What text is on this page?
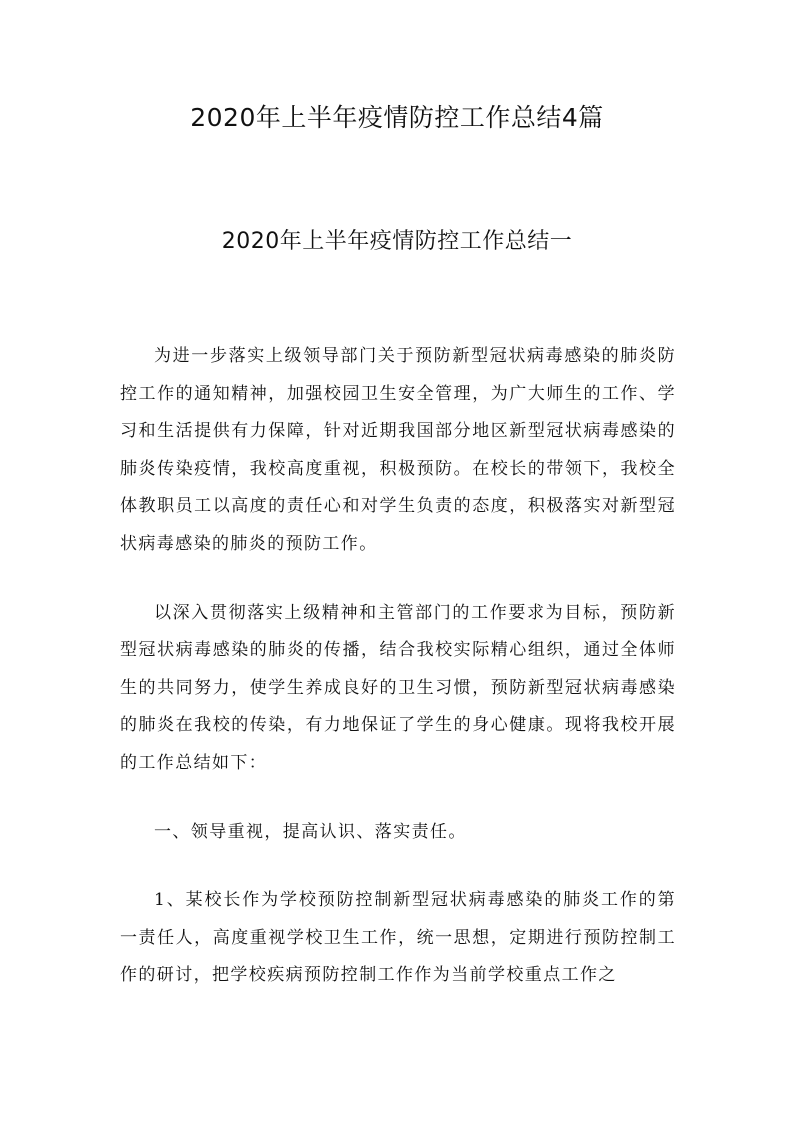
2020年上半年疫情防控工作总结4篇
2020年上半年疫情防控工作总结一

为进一步落实上级领导部门关于预防新型冠状病毒感染的肺炎防控工作的通知精神，加强校园卫生安全管理，为广大师生的工作、学习和生活提供有力保障，针对近期我国部分地区新型冠状病毒感染的肺炎传染疫情，我校高度重视，积极预防。在校长的带领下，我校全体教职员工以高度的责任心和对学生负责的态度，积极落实对新型冠状病毒感染的肺炎的预防工作。

以深入贯彻落实上级精神和主管部门的工作要求为目标，预防新型冠状病毒感染的肺炎的传播，结合我校实际精心组织，通过全体师生的共同努力，使学生养成良好的卫生习惯，预防新型冠状病毒感染的肺炎在我校的传染，有力地保证了学生的身心健康。现将我校开展的工作总结如下：

一、领导重视，提高认识、落实责任。

1、某校长作为学校预防控制新型冠状病毒感染的肺炎工作的第一责任人，高度重视学校卫生工作，统一思想，定期进行预防控制工作的研讨，把学校疾病预防控制工作作为当前学校重点工作之
